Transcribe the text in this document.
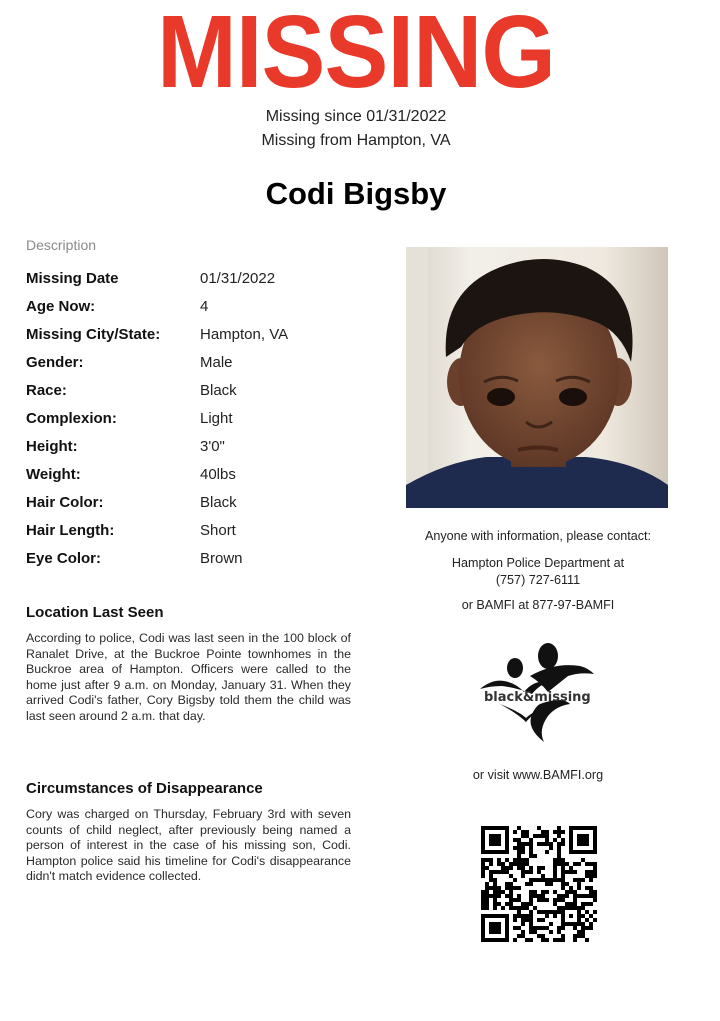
MISSING
Missing since 01/31/2022
Missing from Hampton, VA
Codi Bigsby
Description
Missing Date	01/31/2022
Age Now:	4
Missing City/State:	Hampton, VA
Gender:	Male
Race:	Black
Complexion:	Light
Height:	3'0"
Weight:	40lbs
Hair Color:	Black
Hair Length:	Short
Eye Color:	Brown
Location Last Seen
According to police, Codi was last seen in the 100 block of Ranalet Drive, at the Buckroe Pointe townhomes in the Buckroe area of Hampton. Officers were called to the home just after 9 a.m. on Monday, January 31. When they arrived Codi's father, Cory Bigsby told them the child was last seen around 2 a.m. that day.
Circumstances of Disappearance
Cory was charged on Thursday, February 3rd with seven counts of child neglect, after previously being named a person of interest in the case of his missing son, Codi. Hampton police said his timeline for Codi's disappearance didn't match evidence collected.
Anyone with information, please contact:
Hampton Police Department at
(757) 727-6111
or BAMFI at 877-97-BAMFI
black&missing
or visit www.BAMFI.org
